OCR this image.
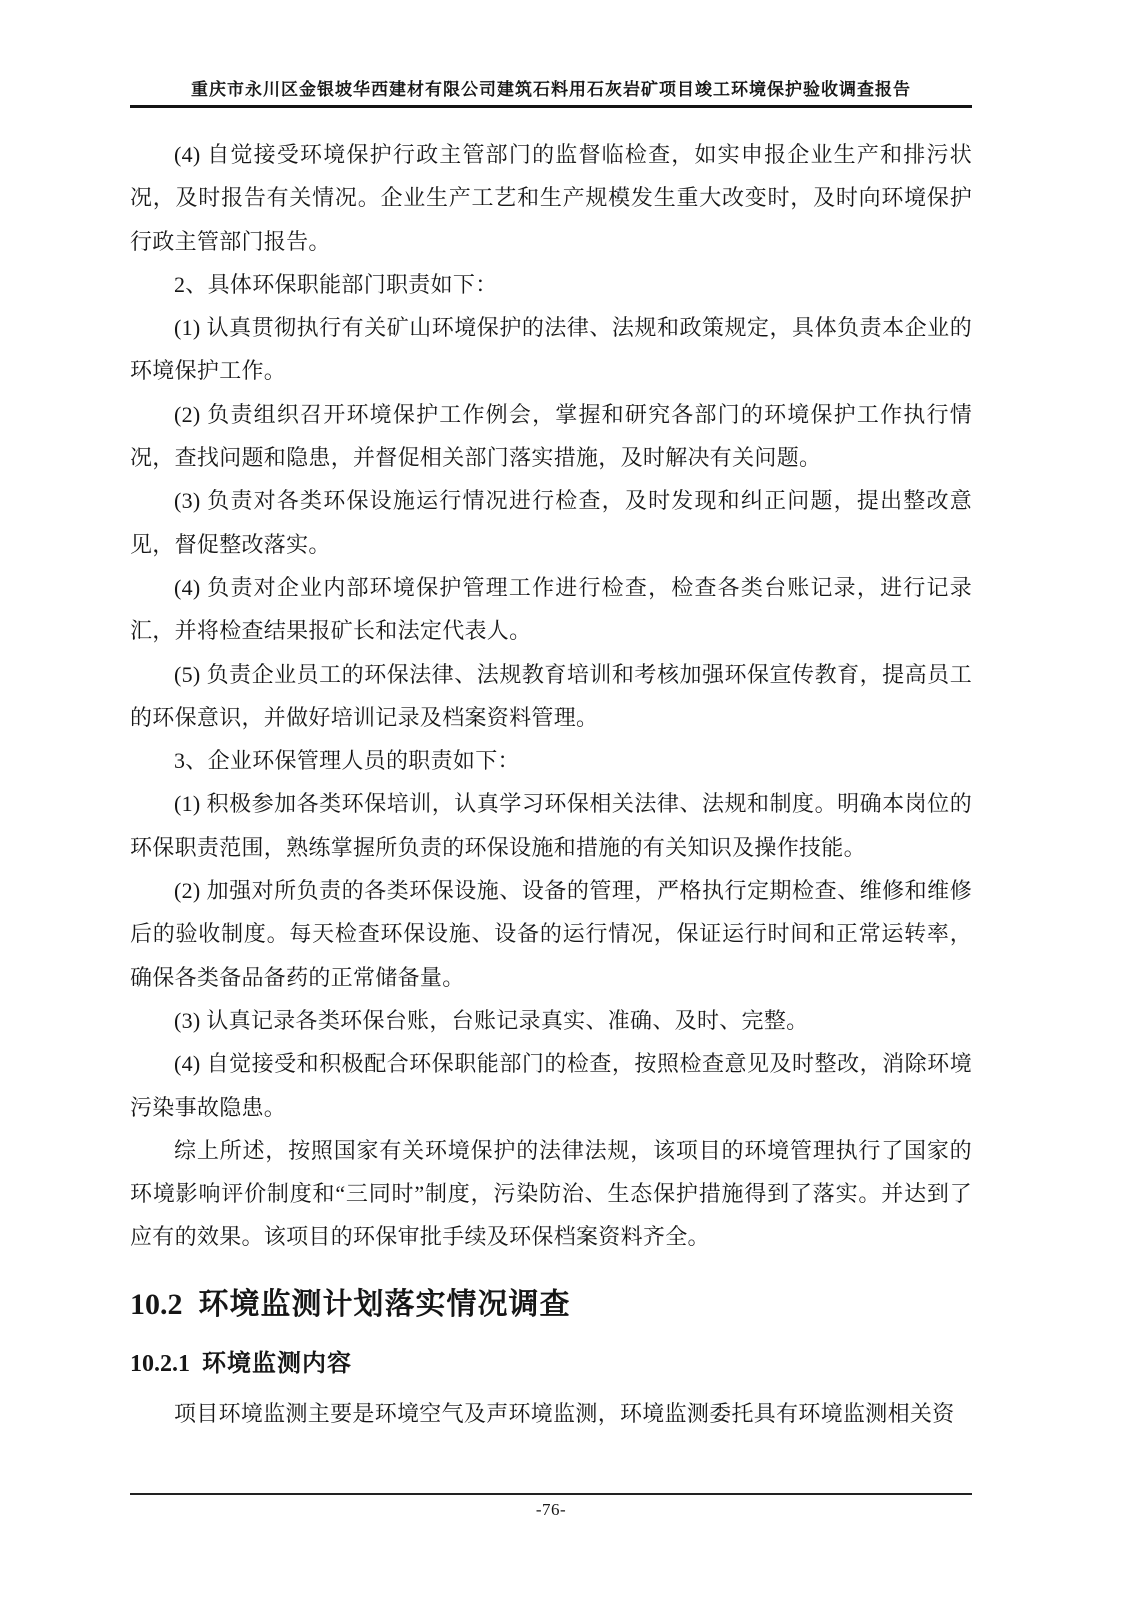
重庆市永川区金银坡华西建材有限公司建筑石料用石灰岩矿项目竣工环境保护验收调查报告

(4) 自觉接受环境保护行政主管部门的监督临检查，如实申报企业生产和排污状况，及时报告有关情况。企业生产工艺和生产规模发生重大改变时，及时向环境保护行政主管部门报告。

2、具体环保职能部门职责如下：

(1) 认真贯彻执行有关矿山环境保护的法律、法规和政策规定，具体负责本企业的环境保护工作。

(2) 负责组织召开环境保护工作例会，掌握和研究各部门的环境保护工作执行情况，查找问题和隐患，并督促相关部门落实措施，及时解决有关问题。

(3) 负责对各类环保设施运行情况进行检查，及时发现和纠正问题，提出整改意见，督促整改落实。

(4) 负责对企业内部环境保护管理工作进行检查，检查各类台账记录，进行记录汇，并将检查结果报矿长和法定代表人。

(5) 负责企业员工的环保法律、法规教育培训和考核加强环保宣传教育，提高员工的环保意识，并做好培训记录及档案资料管理。

3、企业环保管理人员的职责如下：

(1) 积极参加各类环保培训，认真学习环保相关法律、法规和制度。明确本岗位的环保职责范围，熟练掌握所负责的环保设施和措施的有关知识及操作技能。

(2) 加强对所负责的各类环保设施、设备的管理，严格执行定期检查、维修和维修后的验收制度。每天检查环保设施、设备的运行情况，保证运行时间和正常运转率，确保各类备品备药的正常储备量。

(3) 认真记录各类环保台账，台账记录真实、准确、及时、完整。

(4) 自觉接受和积极配合环保职能部门的检查，按照检查意见及时整改，消除环境污染事故隐患。

综上所述，按照国家有关环境保护的法律法规，该项目的环境管理执行了国家的环境影响评价制度和“三同时”制度，污染防治、生态保护措施得到了落实。并达到了应有的效果。该项目的环保审批手续及环保档案资料齐全。

10.2 环境监测计划落实情况调查
10.2.1 环境监测内容

项目环境监测主要是环境空气及声环境监测，环境监测委托具有环境监测相关资

-76-
